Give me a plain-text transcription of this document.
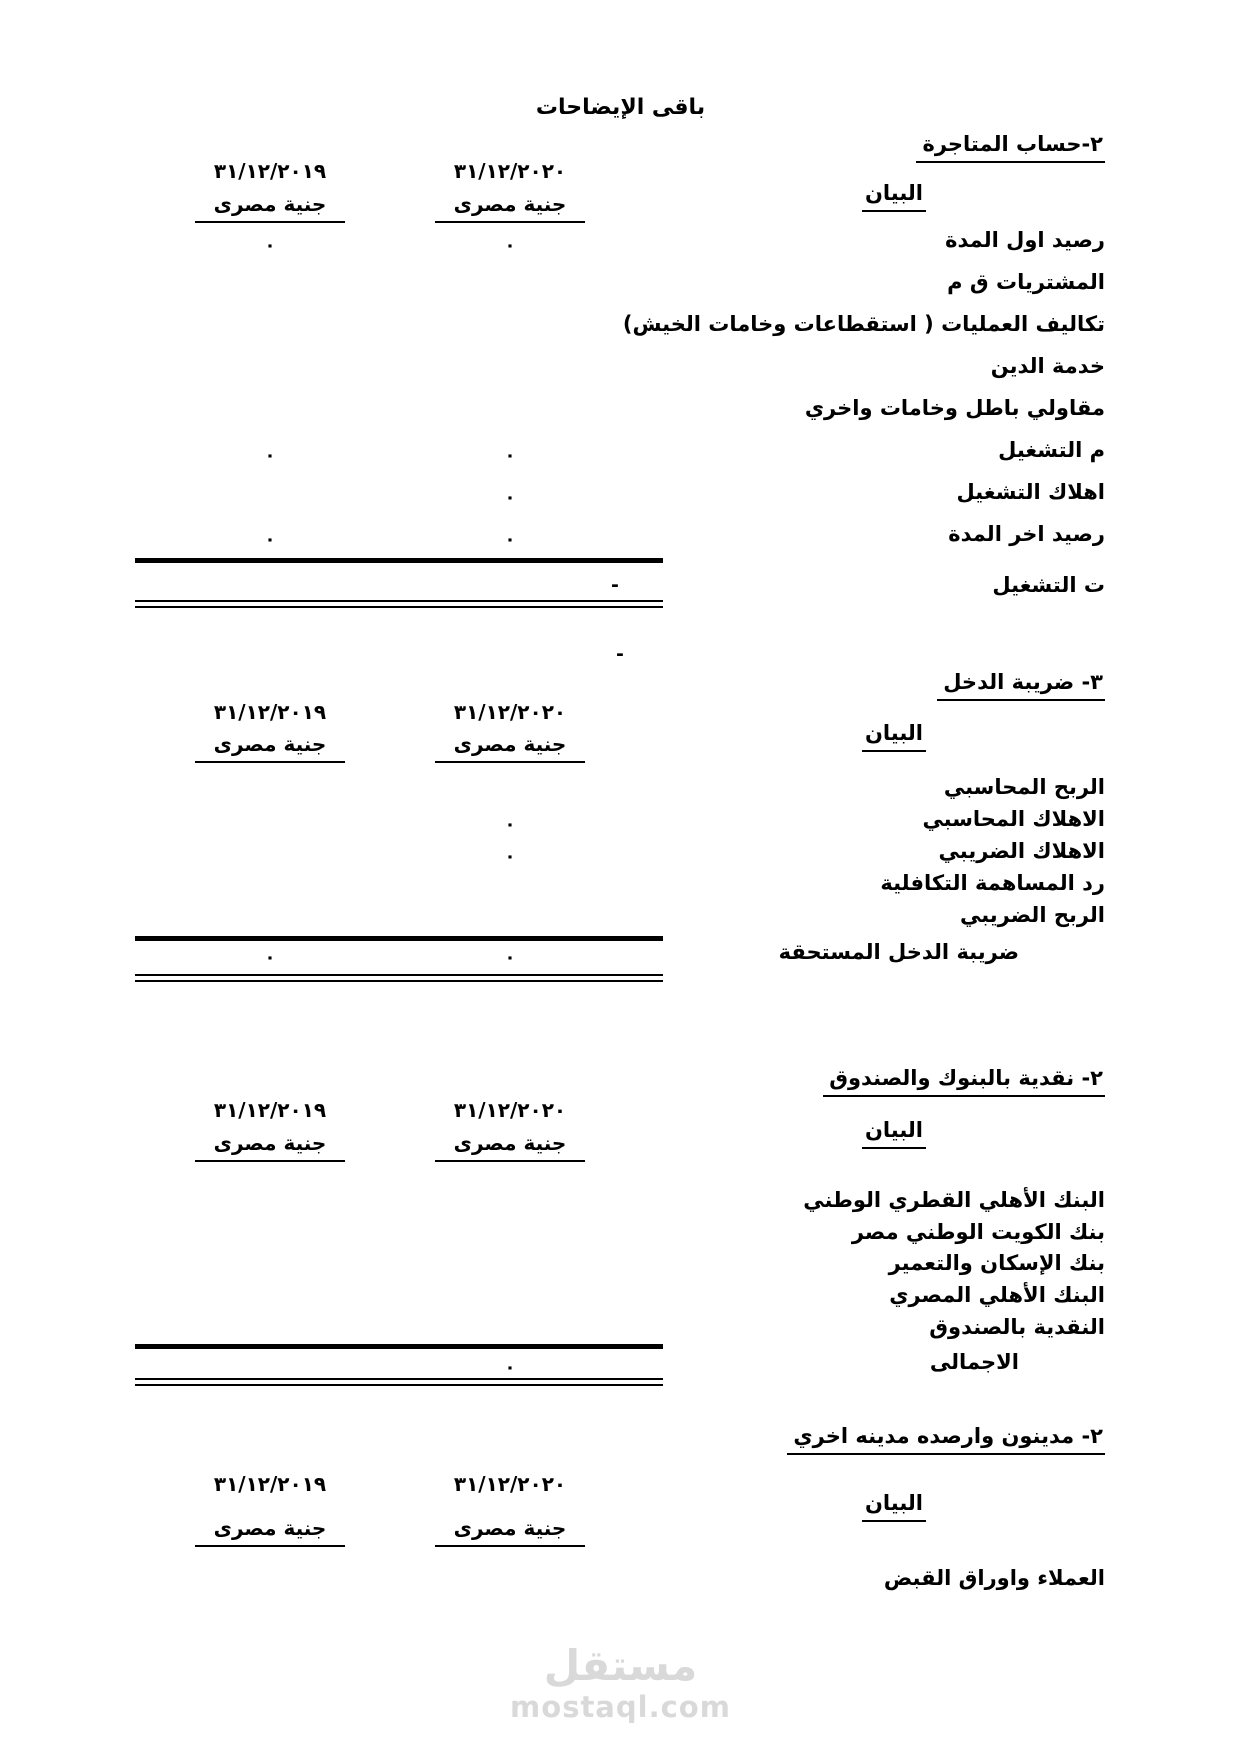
باقى الإيضاحات
٢-حساب المتاجرة
البيان
٣١/١٢/٢٠٢٠
٣١/١٢/٢٠١٩
جنية مصرى
جنية مصرى
رصيد اول المدة
٠
٠
المشتريات ق م
تكاليف العمليات ( استقطاعات وخامات الخيش)
خدمة الدين
مقاولي باطل وخامات واخري
م التشغيل
٠
٠
اهلاك التشغيل
٠
رصيد اخر المدة
٠
٠
ت التشغيل
-
٣- ضريبة الدخل
البيان
٣١/١٢/٢٠٢٠
٣١/١٢/٢٠١٩
جنية مصرى
جنية مصرى
الربح المحاسبي
الاهلاك المحاسبي
٠
الاهلاك الضريبي
٠
رد المساهمة التكافلية
الربح الضريبي
ضريبة الدخل المستحقة
٠
٠
٢- نقدية بالبنوك والصندوق
البيان
٣١/١٢/٢٠٢٠
٣١/١٢/٢٠١٩
جنية مصرى
جنية مصرى
البنك الأهلي القطري الوطني
بنك الكويت الوطني مصر
بنك الإسكان والتعمير
البنك الأهلي المصري
النقدية بالصندوق
الاجمالى
٠
٢- مدينون وارصده مدينه اخري
البيان
٣١/١٢/٢٠٢٠
٣١/١٢/٢٠١٩
جنية مصرى
جنية مصرى
العملاء واوراق القبض
-
مستقل
mostaql.com
